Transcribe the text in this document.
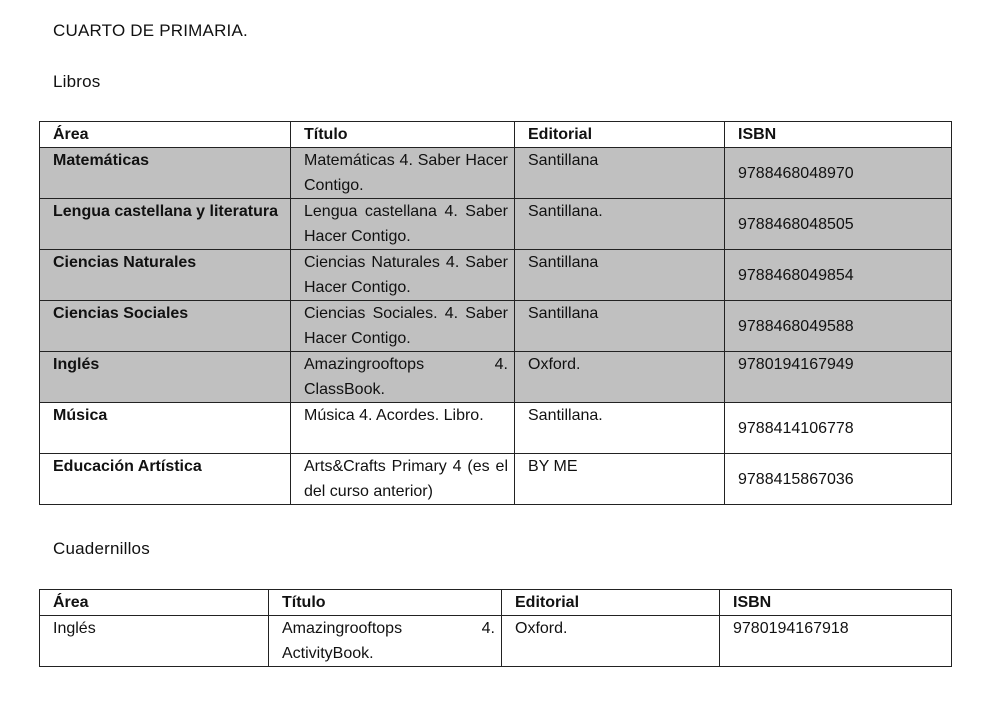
CUARTO DE PRIMARIA.
Libros
Área	Título	Editorial	ISBN
Matemáticas	Matemáticas 4. Saber Hacer Contigo.	Santillana	9788468048970
Lengua castellana y literatura	Lengua castellana 4. Saber Hacer Contigo.	Santillana.	9788468048505
Ciencias Naturales	Ciencias Naturales 4. Saber Hacer Contigo.	Santillana	9788468049854
Ciencias Sociales	Ciencias Sociales. 4. Saber Hacer Contigo.	Santillana	9788468049588
Inglés	Amazingrooftops 4. ClassBook.	Oxford.	9780194167949
Música	Música 4. Acordes. Libro.	Santillana.	9788414106778
Educación Artística	Arts&Crafts Primary 4 (es el del curso anterior)	BY ME	9788415867036
Cuadernillos
Área	Título	Editorial	ISBN
Inglés	Amazingrooftops 4. ActivityBook.	Oxford.	9780194167918
